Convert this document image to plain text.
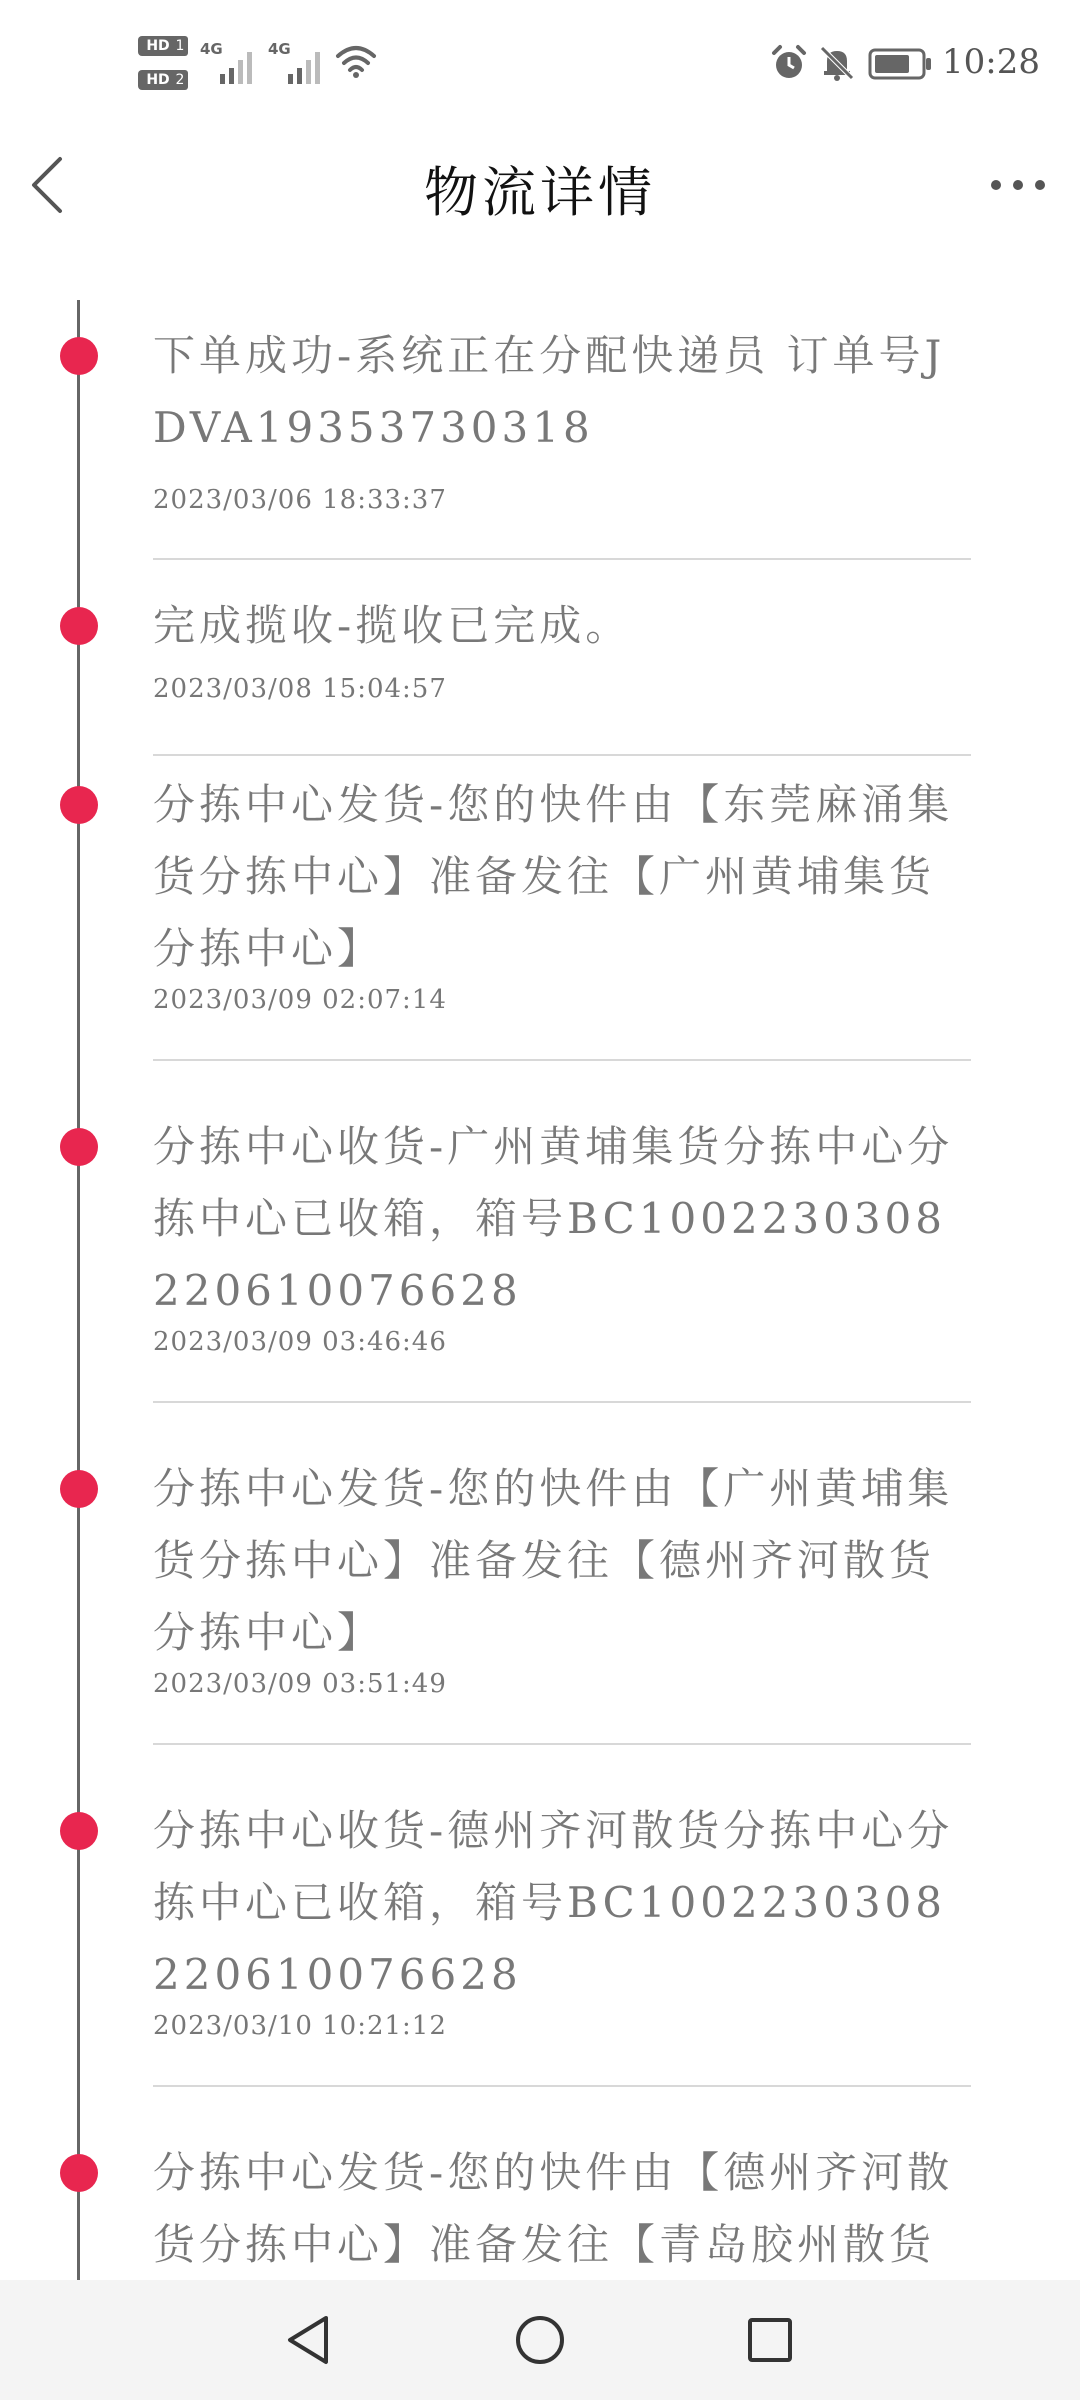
HD 1
HD 2
4G	4G	10:28
物流详情
下单成功-系统正在分配快递员 订单号JDVA19353730318
2023/03/06 18:33:37
完成揽收-揽收已完成。
2023/03/08 15:04:57
分拣中心发货-您的快件由【东莞麻涌集货分拣中心】准备发往【广州黄埔集货分拣中心】
2023/03/09 02:07:14
分拣中心收货-广州黄埔集货分拣中心分拣中心已收箱，箱号BC1002230308220610076628
2023/03/09 03:46:46
分拣中心发货-您的快件由【广州黄埔集货分拣中心】准备发往【德州齐河散货分拣中心】
2023/03/09 03:51:49
分拣中心收货-德州齐河散货分拣中心分拣中心已收箱，箱号BC1002230308220610076628
2023/03/10 10:21:12
分拣中心发货-您的快件由【德州齐河散货分拣中心】准备发往【青岛胶州散货
